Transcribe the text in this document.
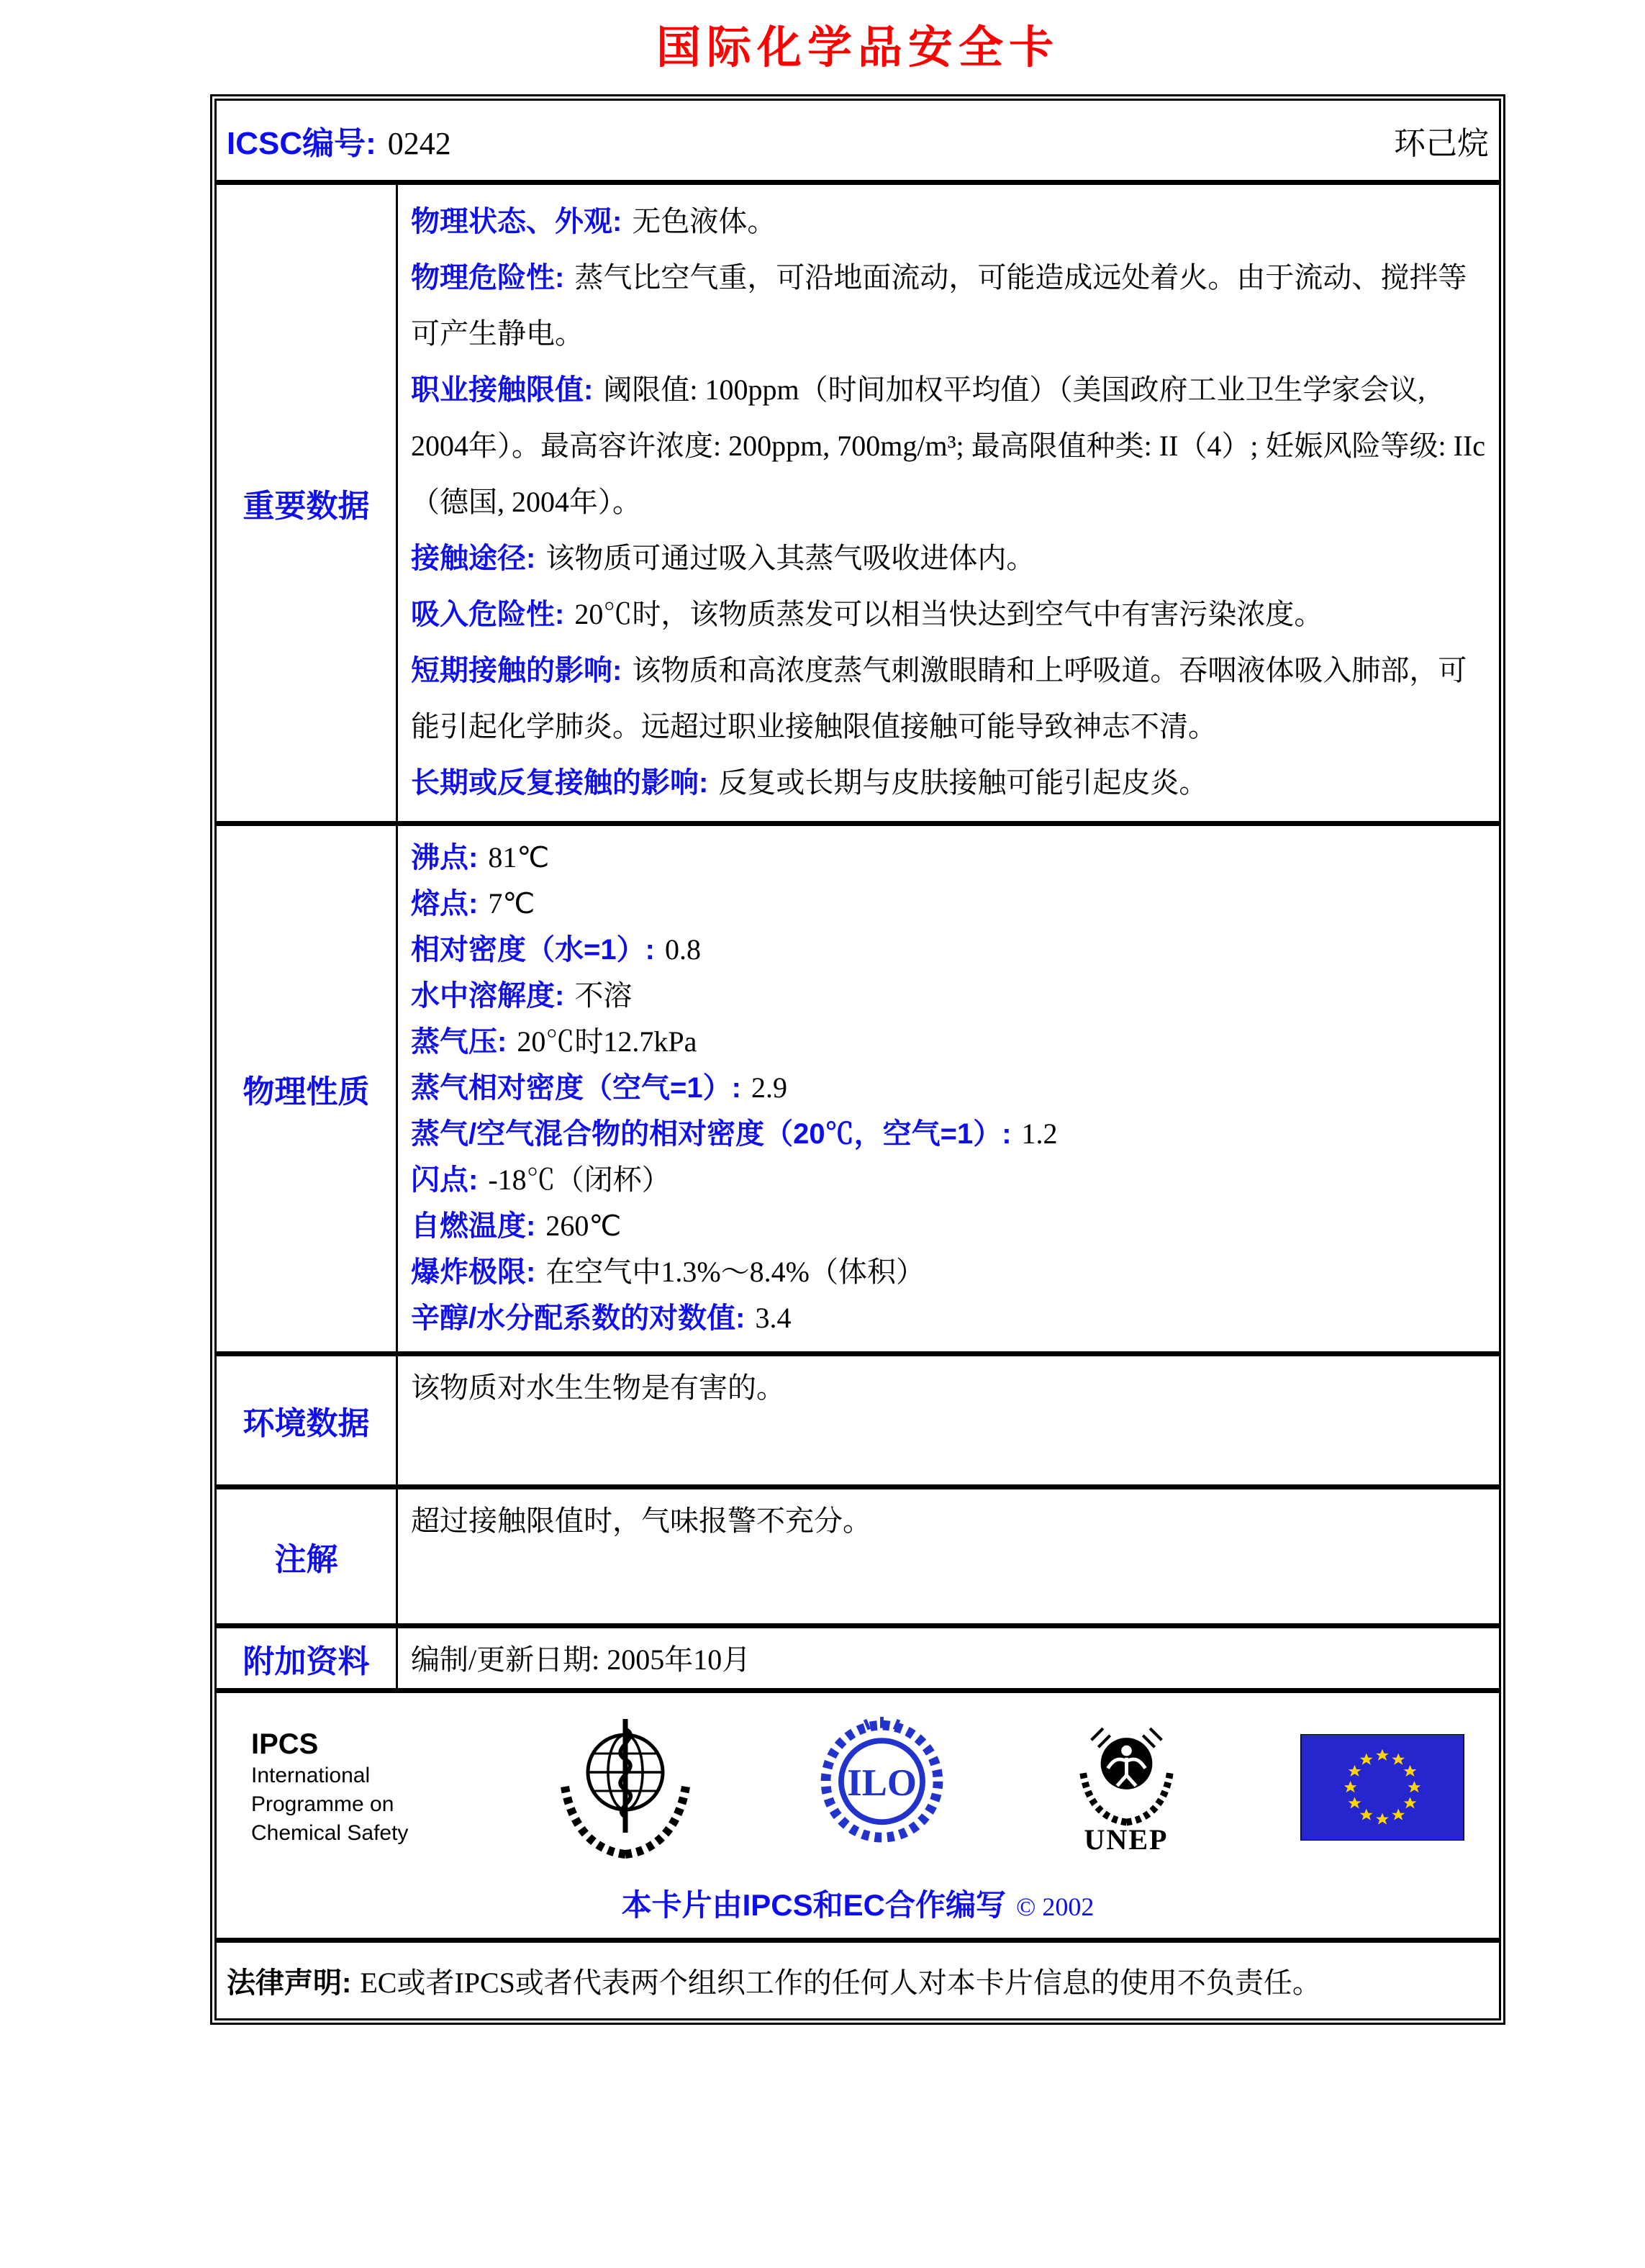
国际化学品安全卡
ICSC编号: 0242	环己烷
重要数据

物理状态、外观: 无色液体。

物理危险性: 蒸气比空气重，可沿地面流动，可能造成远处着火。由于流动、搅拌等可产生静电。

职业接触限值: 阈限值: 100ppm（时间加权平均值）（美国政府工业卫生学家会议, 2004年）。最高容许浓度: 200ppm, 700mg/m³; 最高限值种类: II（4）; 妊娠风险等级: IIc（德国, 2004年）。

接触途径: 该物质可通过吸入其蒸气吸收进体内。

吸入危险性: 20℃时，该物质蒸发可以相当快达到空气中有害污染浓度。

短期接触的影响: 该物质和高浓度蒸气刺激眼睛和上呼吸道。吞咽液体吸入肺部，可能引起化学肺炎。远超过职业接触限值接触可能导致神志不清。

长期或反复接触的影响: 反复或长期与皮肤接触可能引起皮炎。

物理性质

沸点: 81℃

熔点: 7℃

相对密度（水=1）: 0.8

水中溶解度: 不溶

蒸气压: 20℃时12.7kPa

蒸气相对密度（空气=1）: 2.9

蒸气/空气混合物的相对密度（20℃，空气=1）: 1.2

闪点: -18℃（闭杯）

自燃温度: 260℃

爆炸极限: 在空气中1.3%～8.4%（体积）

辛醇/水分配系数的对数值: 3.4

环境数据
该物质对水生生物是有害的。
注解
超过接触限值时，气味报警不充分。
附加资料	编制/更新日期: 2005年10月
IPCS
International
Programme on
Chemical Safety
ILO
UNEP
本卡片由IPCS和EC合作编写 © 2002
法律声明: EC或者IPCS或者代表两个组织工作的任何人对本卡片信息的使用不负责任。
